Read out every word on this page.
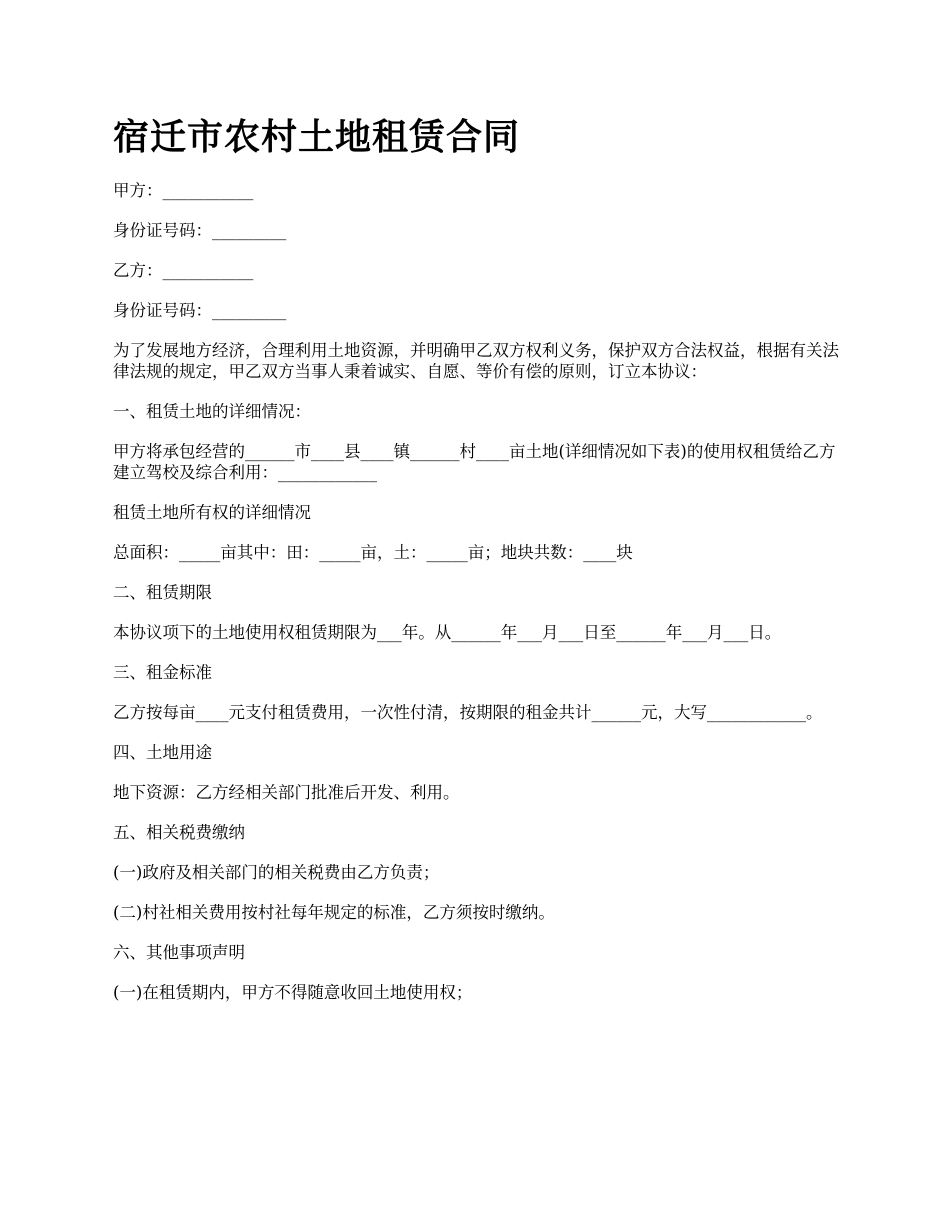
宿迁市农村土地租赁合同

甲方：___________

身份证号码：_________

乙方：___________

身份证号码：_________

为了发展地方经济，合理利用土地资源，并明确甲乙双方权利义务，保护双方合法权益，根据有关法律法规的规定，甲乙双方当事人秉着诚实、自愿、等价有偿的原则，订立本协议：

一、租赁土地的详细情况：

甲方将承包经营的______市____县____镇______村____亩土地(详细情况如下表)的使用权租赁给乙方建立驾校及综合利用：____________

租赁土地所有权的详细情况

总面积：_____亩其中：田：_____亩，土：_____亩；地块共数：____块

二、租赁期限

本协议项下的土地使用权租赁期限为___年。从______年___月___日至______年___月___日。

三、租金标准

乙方按每亩____元支付租赁费用，一次性付清，按期限的租金共计______元，大写____________。

四、土地用途

地下资源：乙方经相关部门批准后开发、利用。

五、相关税费缴纳

(一)政府及相关部门的相关税费由乙方负责；

(二)村社相关费用按村社每年规定的标准，乙方须按时缴纳。

六、其他事项声明

(一)在租赁期内，甲方不得随意收回土地使用权；
